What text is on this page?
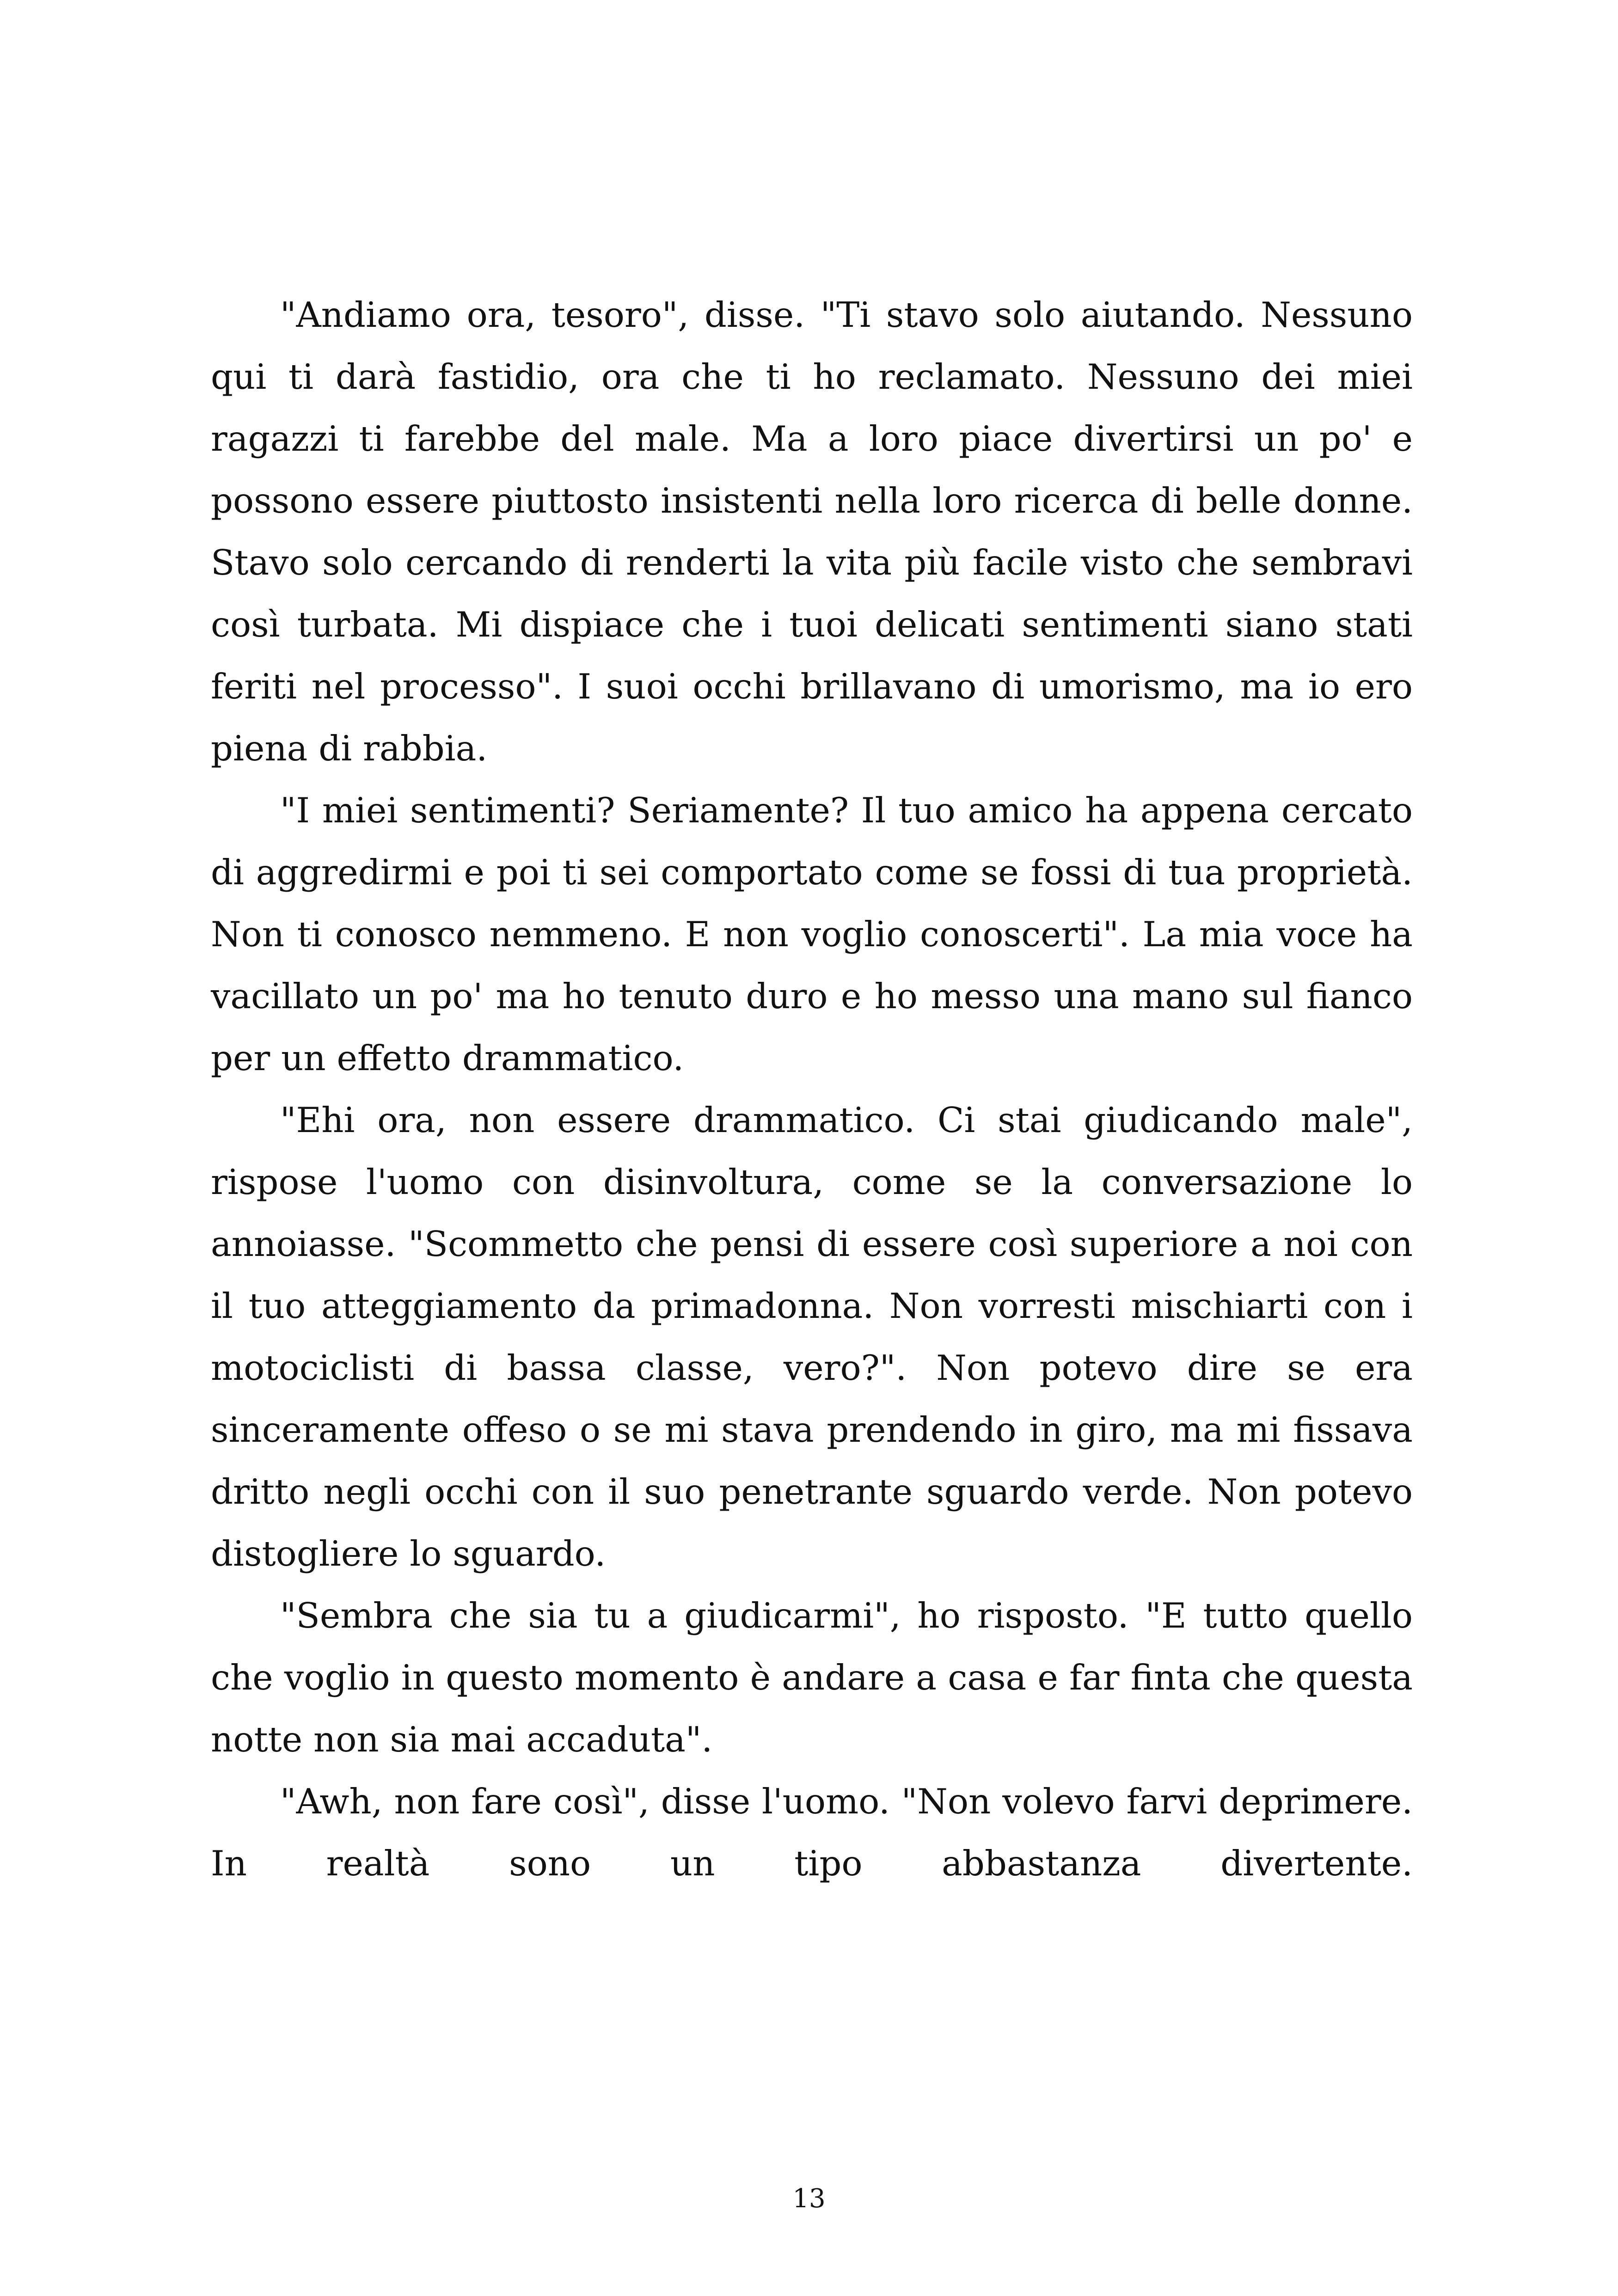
"Andiamo ora, tesoro", disse. "Ti stavo solo aiutando. Nessuno qui ti darà fastidio, ora che ti ho reclamato. Nessuno dei miei ragazzi ti farebbe del male. Ma a loro piace divertirsi un po' e possono essere piuttosto insistenti nella loro ricerca di belle donne. Stavo solo cercando di renderti la vita più facile visto che sembravi così turbata. Mi dispiace che i tuoi delicati sentimenti siano stati feriti nel processo". I suoi occhi brillavano di umorismo, ma io ero piena di rabbia.

"I miei sentimenti? Seriamente? Il tuo amico ha appena cercato di aggredirmi e poi ti sei comportato come se fossi di tua proprietà. Non ti conosco nemmeno. E non voglio conoscerti". La mia voce ha vacillato un po' ma ho tenuto duro e ho messo una mano sul fianco per un effetto drammatico.

"Ehi ora, non essere drammatico. Ci stai giudicando male", rispose l'uomo con disinvoltura, come se la conversazione lo annoiasse. "Scommetto che pensi di essere così superiore a noi con il tuo atteggiamento da primadonna. Non vorresti mischiarti con i motociclisti di bassa classe, vero?". Non potevo dire se era sinceramente offeso o se mi stava prendendo in giro, ma mi fissava dritto negli occhi con il suo penetrante sguardo verde. Non potevo distogliere lo sguardo.

"Sembra che sia tu a giudicarmi", ho risposto. "E tutto quello che voglio in questo momento è andare a casa e far finta che questa notte non sia mai accaduta".

"Awh, non fare così", disse l'uomo. "Non volevo farvi deprimere. In realtà sono un tipo abbastanza divertente.

13
